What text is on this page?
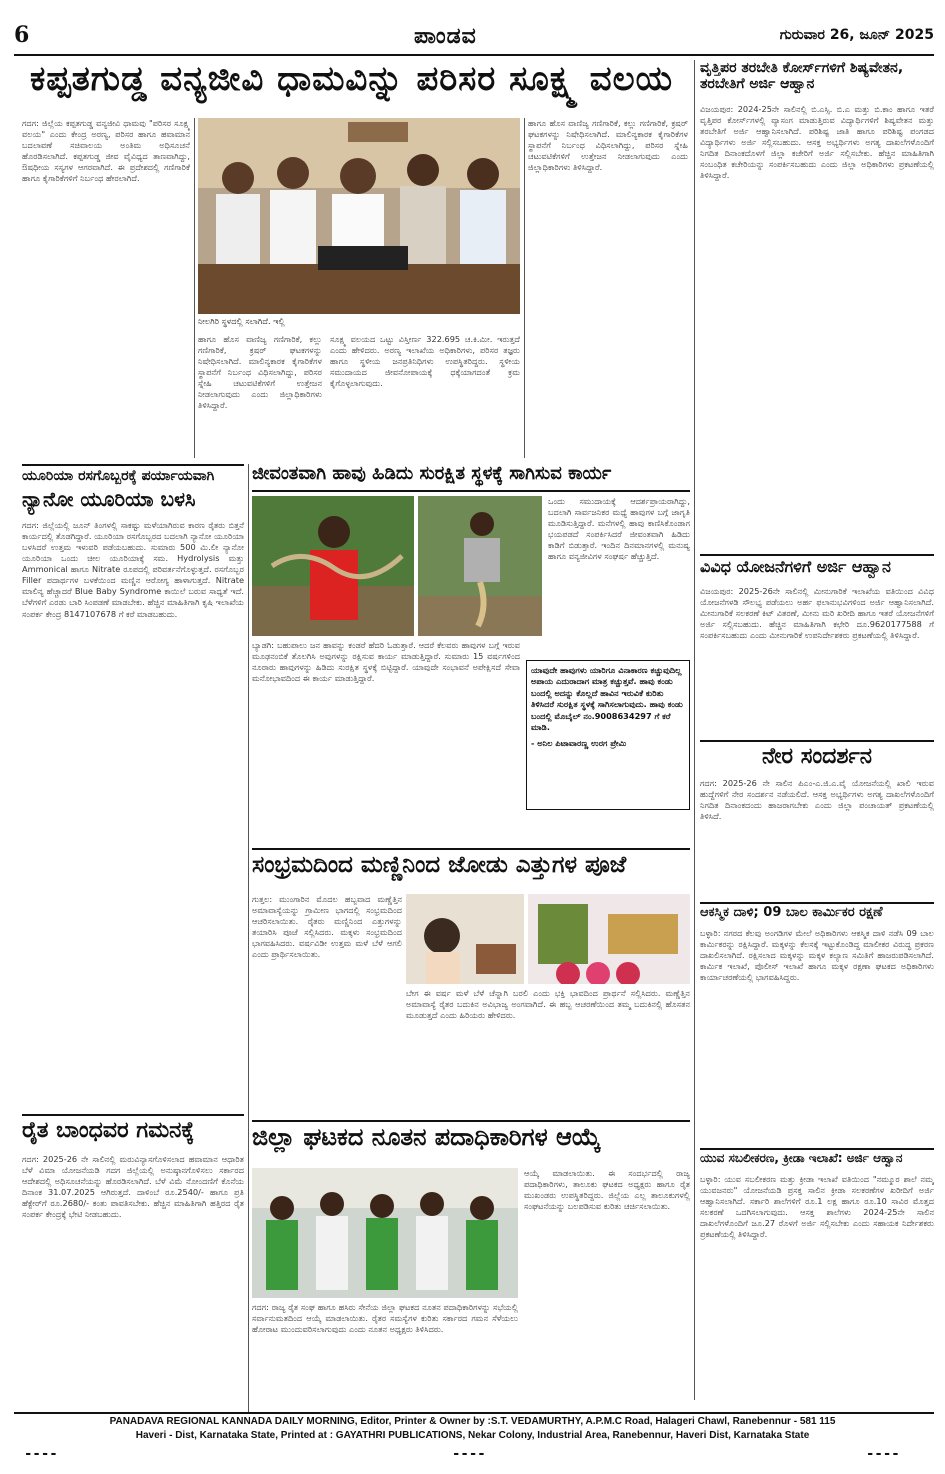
6	ಪಾಂಡವ	ಗುರುವಾರ 26, ಜೂನ್ 2025
ಕಪ್ಪತಗುಡ್ಡ ವನ್ಯಜೀವಿ ಧಾಮವಿನ್ನು ಪರಿಸರ ಸೂಕ್ಷ್ಮ ವಲಯ
ಗದಗ: ಜಿಲ್ಲೆಯ ಕಪ್ಪತಗುಡ್ಡ ವನ್ಯಜೀವಿ ಧಾಮವು "ಪರಿಸರ ಸೂಕ್ಷ್ಮ ವಲಯ" ಎಂದು ಕೇಂದ್ರ ಅರಣ್ಯ, ಪರಿಸರ ಹಾಗೂ ಹವಾಮಾನ ಬದಲಾವಣೆ ಸಚಿವಾಲಯ ಅಂತಿಮ ಅಧಿಸೂಚನೆ ಹೊರಡಿಸಲಾಗಿದೆ. ಕಪ್ಪತಗುಡ್ಡ ಜೀವ ವೈವಿಧ್ಯದ ತಾಣವಾಗಿದ್ದು, ಔಷಧೀಯ ಸಸ್ಯಗಳ ಆಗರವಾಗಿದೆ. ಈ ಪ್ರದೇಶದಲ್ಲಿ ಗಣಿಗಾರಿಕೆ ಹಾಗೂ ಕೈಗಾರಿಕೆಗಳಿಗೆ ನಿರ್ಬಂಧ ಹೇರಲಾಗಿದೆ.
ನೀಲಗಿರಿ ಸ್ಥಳದಲ್ಲಿ ಸಲಾಗಿದೆ. ಇಲ್ಲಿ
ಹಾಗೂ ಹೊಸ ವಾಣಿಜ್ಯ ಗಣಿಗಾರಿಕೆ, ಕಲ್ಲು ಗಣಿಗಾರಿಕೆ, ಕ್ರಷರ್ ಘಟಕಗಳನ್ನು ನಿಷೇಧಿಸಲಾಗಿದೆ. ಮಾಲಿನ್ಯಕಾರಕ ಕೈಗಾರಿಕೆಗಳ ಸ್ಥಾಪನೆಗೆ ನಿರ್ಬಂಧ ವಿಧಿಸಲಾಗಿದ್ದು, ಪರಿಸರ ಸ್ನೇಹಿ ಚಟುವಟಿಕೆಗಳಿಗೆ ಉತ್ತೇಜನ ನೀಡಲಾಗುವುದು ಎಂದು ಜಿಲ್ಲಾಧಿಕಾರಿಗಳು ತಿಳಿಸಿದ್ದಾರೆ.
ಸೂಕ್ಷ್ಮ ವಲಯದ ಒಟ್ಟು ವಿಸ್ತೀರ್ಣ 322.695 ಚ.ಕಿ.ಮೀ. ಇರುತ್ತದೆ ಎಂದು ಹೇಳಿದರು. ಅರಣ್ಯ ಇಲಾಖೆಯ ಅಧಿಕಾರಿಗಳು, ಪರಿಸರ ತಜ್ಞರು ಹಾಗೂ ಸ್ಥಳೀಯ ಜನಪ್ರತಿನಿಧಿಗಳು ಉಪಸ್ಥಿತರಿದ್ದರು. ಸ್ಥಳೀಯ ಸಮುದಾಯದ ಜೀವನೋಪಾಯಕ್ಕೆ ಧಕ್ಕೆಯಾಗದಂತೆ ಕ್ರಮ ಕೈಗೊಳ್ಳಲಾಗುವುದು.
ಹಾಗೂ ಹೊಸ ವಾಣಿಜ್ಯ ಗಣಿಗಾರಿಕೆ, ಕಲ್ಲು ಗಣಿಗಾರಿಕೆ, ಕ್ರಷರ್ ಘಟಕಗಳನ್ನು ನಿಷೇಧಿಸಲಾಗಿದೆ. ಮಾಲಿನ್ಯಕಾರಕ ಕೈಗಾರಿಕೆಗಳ ಸ್ಥಾಪನೆಗೆ ನಿರ್ಬಂಧ ವಿಧಿಸಲಾಗಿದ್ದು, ಪರಿಸರ ಸ್ನೇಹಿ ಚಟುವಟಿಕೆಗಳಿಗೆ ಉತ್ತೇಜನ ನೀಡಲಾಗುವುದು ಎಂದು ಜಿಲ್ಲಾಧಿಕಾರಿಗಳು ತಿಳಿಸಿದ್ದಾರೆ.
ವೃತ್ತಿಪರ ತರಬೇತಿ ಕೋರ್ಸ್‌ಗಳಿಗೆ ಶಿಷ್ಯವೇತನ, ತರಬೇತಿಗೆ ಅರ್ಜಿ ಆಹ್ವಾನ
ವಿಜಯಪುರ: 2024-25ನೇ ಸಾಲಿನಲ್ಲಿ ಬಿ.ಎಸ್ಸಿ. ಬಿ.ಎ ಮತ್ತು ಬಿ.ಕಾಂ ಹಾಗೂ ಇತರೆ ವೃತ್ತಿಪರ ಕೋರ್ಸ್‌ಗಳಲ್ಲಿ ವ್ಯಾಸಂಗ ಮಾಡುತ್ತಿರುವ ವಿದ್ಯಾರ್ಥಿಗಳಿಗೆ ಶಿಷ್ಯವೇತನ ಮತ್ತು ತರಬೇತಿಗೆ ಅರ್ಜಿ ಆಹ್ವಾನಿಸಲಾಗಿದೆ. ಪರಿಶಿಷ್ಟ ಜಾತಿ ಹಾಗೂ ಪರಿಶಿಷ್ಟ ಪಂಗಡದ ವಿದ್ಯಾರ್ಥಿಗಳು ಅರ್ಜಿ ಸಲ್ಲಿಸಬಹುದು. ಆಸಕ್ತ ಅಭ್ಯರ್ಥಿಗಳು ಅಗತ್ಯ ದಾಖಲೆಗಳೊಂದಿಗೆ ನಿಗದಿತ ದಿನಾಂಕದೊಳಗೆ ಜಿಲ್ಲಾ ಕಚೇರಿಗೆ ಅರ್ಜಿ ಸಲ್ಲಿಸಬೇಕು. ಹೆಚ್ಚಿನ ಮಾಹಿತಿಗಾಗಿ ಸಂಬಂಧಿತ ಕಚೇರಿಯನ್ನು ಸಂಪರ್ಕಿಸಬಹುದು ಎಂದು ಜಿಲ್ಲಾ ಅಧಿಕಾರಿಗಳು ಪ್ರಕಟಣೆಯಲ್ಲಿ ತಿಳಿಸಿದ್ದಾರೆ.
ಯೂರಿಯಾ ರಸಗೊಬ್ಬರಕ್ಕೆ ಪರ್ಯಾಯವಾಗಿ
ನ್ಯಾನೋ ಯೂರಿಯಾ ಬಳಸಿ
ಗದಗ: ಜಿಲ್ಲೆಯಲ್ಲಿ ಜೂನ್ ತಿಂಗಳಲ್ಲಿ ಸಾಕಷ್ಟು ಮಳೆಯಾಗಿರುವ ಕಾರಣ ರೈತರು ಬಿತ್ತನೆ ಕಾರ್ಯದಲ್ಲಿ ತೊಡಗಿದ್ದಾರೆ. ಯೂರಿಯಾ ರಸಗೊಬ್ಬರದ ಬದಲಾಗಿ ನ್ಯಾನೋ ಯೂರಿಯಾ ಬಳಸಿದರೆ ಉತ್ತಮ ಇಳುವರಿ ಪಡೆಯಬಹುದು. ಸುಮಾರು 500 ಮಿ.ಲೀ ನ್ಯಾನೋ ಯೂರಿಯಾ ಒಂದು ಚೀಲ ಯೂರಿಯಾಕ್ಕೆ ಸಮ. Hydrolysis ಮತ್ತು Ammonical ಹಾಗೂ Nitrate ರೂಪದಲ್ಲಿ ಪರಿವರ್ತನೆಗೊಳ್ಳುತ್ತದೆ. ರಸಗೊಬ್ಬರ Filler ಪದಾರ್ಥಗಳ ಬಳಕೆಯಿಂದ ಮಣ್ಣಿನ ಆರೋಗ್ಯ ಹಾಳಾಗುತ್ತದೆ. Nitrate ಮಾಲಿನ್ಯ ಹೆಚ್ಚಾದರೆ Blue Baby Syndrome ಕಾಯಿಲೆ ಬರುವ ಸಾಧ್ಯತೆ ಇದೆ. ಬೆಳೆಗಳಿಗೆ ಎರಡು ಬಾರಿ ಸಿಂಪಡಣೆ ಮಾಡಬೇಕು. ಹೆಚ್ಚಿನ ಮಾಹಿತಿಗಾಗಿ ಕೃಷಿ ಇಲಾಖೆಯ ಸಂಪರ್ಕ ಕೇಂದ್ರ 8147107678 ಗೆ ಕರೆ ಮಾಡಬಹುದು.
ಜೀವಂತವಾಗಿ ಹಾವು ಹಿಡಿದು ಸುರಕ್ಷಿತ ಸ್ಥಳಕ್ಕೆ ಸಾಗಿಸುವ ಕಾರ್ಯ
ಒಂದು ಸಮುದಾಯಕ್ಕೆ ಆದರ್ಶಪ್ರಾಯರಾಗಿದ್ದು, ಬದಲಾಗಿ ಸಾರ್ವಜನಿಕರ ಮಧ್ಯೆ ಹಾವುಗಳ ಬಗ್ಗೆ ಜಾಗೃತಿ ಮೂಡಿಸುತ್ತಿದ್ದಾರೆ. ಮನೆಗಳಲ್ಲಿ ಹಾವು ಕಾಣಿಸಿಕೊಂಡಾಗ ಭಯಪಡದೆ ಸಂಪರ್ಕಿಸಿದರೆ ಜೀವಂತವಾಗಿ ಹಿಡಿದು ಕಾಡಿಗೆ ಬಿಡುತ್ತಾರೆ. ಇಂದಿನ ದಿನಮಾನಗಳಲ್ಲಿ ಮನುಷ್ಯ ಹಾಗೂ ವನ್ಯಜೀವಿಗಳ ಸಂಘರ್ಷ ಹೆಚ್ಚುತ್ತಿದೆ.
ಬ್ಯಾಡಗಿ: ಬಹುಪಾಲು ಜನ ಹಾವನ್ನು ಕಂಡರೆ ಹೆದರಿ ಓಡುತ್ತಾರೆ. ಆದರೆ ಕೆಲವರು ಹಾವುಗಳ ಬಗ್ಗೆ ಇರುವ ಮೂಢನಂಬಿಕೆ ತೊಲಗಿಸಿ ಅವುಗಳನ್ನು ರಕ್ಷಿಸುವ ಕಾರ್ಯ ಮಾಡುತ್ತಿದ್ದಾರೆ. ಸುಮಾರು 15 ವರ್ಷಗಳಿಂದ ನೂರಾರು ಹಾವುಗಳನ್ನು ಹಿಡಿದು ಸುರಕ್ಷಿತ ಸ್ಥಳಕ್ಕೆ ಬಿಟ್ಟಿದ್ದಾರೆ. ಯಾವುದೇ ಸಂಭಾವನೆ ಅಪೇಕ್ಷಿಸದೆ ಸೇವಾ ಮನೋಭಾವದಿಂದ ಈ ಕಾರ್ಯ ಮಾಡುತ್ತಿದ್ದಾರೆ.
ಯಾವುದೇ ಹಾವುಗಳು ಯಾರಿಗೂ ವಿನಾಕಾರಣ ಕಚ್ಚುವುದಿಲ್ಲ ಅಪಾಯ ಎದುರಾದಾಗ ಮಾತ್ರ ಕಚ್ಚುತ್ತವೆ. ಹಾವು ಕಂಡು ಬಂದಲ್ಲಿ ಅದನ್ನು ಕೊಲ್ಲದೆ ಹಾವಿನ ಇರುವಿಕೆ ಕುರಿತು ತಿಳಿಸಿದರೆ ಸುರಕ್ಷಿತ ಸ್ಥಳಕ್ಕೆ ಸಾಗಿಸಲಾಗುವುದು. ಹಾವು ಕಂಡು ಬಂದಲ್ಲಿ ಮೊಬೈಲ್ ನಂ.9008634297 ಗೆ ಕರೆ ಮಾಡಿ.
- ಅನಿಲ ಪಿಟಾವಾರಣ್ಣ ಉರಗ ಪ್ರೇಮಿ
ವಿವಿಧ ಯೋಜನೆಗಳಿಗೆ ಅರ್ಜಿ ಆಹ್ವಾನ
ವಿಜಯಪುರ: 2025-26ನೇ ಸಾಲಿನಲ್ಲಿ ಮೀನುಗಾರಿಕೆ ಇಲಾಖೆಯ ವತಿಯಿಂದ ವಿವಿಧ ಯೋಜನೆಗಳಡಿ ಸೌಲಭ್ಯ ಪಡೆಯಲು ಅರ್ಹ ಫಲಾನುಭವಿಗಳಿಂದ ಅರ್ಜಿ ಆಹ್ವಾನಿಸಲಾಗಿದೆ. ಮೀನುಗಾರಿಕೆ ಸಲಕರಣೆ ಕಿಟ್ ವಿತರಣೆ, ಮೀನು ಮರಿ ಖರೀದಿ ಹಾಗೂ ಇತರೆ ಯೋಜನೆಗಳಿಗೆ ಅರ್ಜಿ ಸಲ್ಲಿಸಬಹುದು. ಹೆಚ್ಚಿನ ಮಾಹಿತಿಗಾಗಿ ಕಛೇರಿ ದೂ.9620177588 ಗೆ ಸಂಪರ್ಕಿಸಬಹುದು ಎಂದು ಮೀನುಗಾರಿಕೆ ಉಪನಿರ್ದೇಶಕರು ಪ್ರಕಟಣೆಯಲ್ಲಿ ತಿಳಿಸಿದ್ದಾರೆ.
ನೇರ ಸಂದರ್ಶನ
ಗದಗ: 2025-26 ನೇ ಸಾಲಿನ ಪಿಎಂ-ಎ.ಜಿ.ಎ.ವೈ ಯೋಜನೆಯಲ್ಲಿ ಖಾಲಿ ಇರುವ ಹುದ್ದೆಗಳಿಗೆ ನೇರ ಸಂದರ್ಶನ ನಡೆಯಲಿದೆ. ಆಸಕ್ತ ಅಭ್ಯರ್ಥಿಗಳು ಅಗತ್ಯ ದಾಖಲೆಗಳೊಂದಿಗೆ ನಿಗದಿತ ದಿನಾಂಕದಂದು ಹಾಜರಾಗಬೇಕು ಎಂದು ಜಿಲ್ಲಾ ಪಂಚಾಯತ್ ಪ್ರಕಟಣೆಯಲ್ಲಿ ತಿಳಿಸಿದೆ.
ಆಕಸ್ಮಿಕ ದಾಳಿ; 09 ಬಾಲ ಕಾರ್ಮಿಕರ ರಕ್ಷಣೆ
ಬಳ್ಳಾರಿ: ನಗರದ ಕೆಲವು ಅಂಗಡಿಗಳ ಮೇಲೆ ಅಧಿಕಾರಿಗಳು ಆಕಸ್ಮಿಕ ದಾಳಿ ನಡೆಸಿ 09 ಬಾಲ ಕಾರ್ಮಿಕರನ್ನು ರಕ್ಷಿಸಿದ್ದಾರೆ. ಮಕ್ಕಳನ್ನು ಕೆಲಸಕ್ಕೆ ಇಟ್ಟುಕೊಂಡಿದ್ದ ಮಾಲೀಕರ ವಿರುದ್ಧ ಪ್ರಕರಣ ದಾಖಲಿಸಲಾಗಿದೆ. ರಕ್ಷಿಸಲಾದ ಮಕ್ಕಳನ್ನು ಮಕ್ಕಳ ಕಲ್ಯಾಣ ಸಮಿತಿಗೆ ಹಾಜರುಪಡಿಸಲಾಗಿದೆ. ಕಾರ್ಮಿಕ ಇಲಾಖೆ, ಪೊಲೀಸ್ ಇಲಾಖೆ ಹಾಗೂ ಮಕ್ಕಳ ರಕ್ಷಣಾ ಘಟಕದ ಅಧಿಕಾರಿಗಳು ಕಾರ್ಯಾಚರಣೆಯಲ್ಲಿ ಭಾಗವಹಿಸಿದ್ದರು.
ಸಂಭ್ರಮದಿಂದ ಮಣ್ಣಿನಿಂದ ಜೋಡು ಎತ್ತುಗಳ ಪೂಜೆ
ಗುತ್ತಲ: ಮುಂಗಾರಿನ ಮೊದಲ ಹಬ್ಬವಾದ ಮಣ್ಣೆತ್ತಿನ ಅಮಾವಾಸ್ಯೆಯನ್ನು ಗ್ರಾಮೀಣ ಭಾಗದಲ್ಲಿ ಸಂಭ್ರಮದಿಂದ ಆಚರಿಸಲಾಯಿತು. ರೈತರು ಮಣ್ಣಿನಿಂದ ಎತ್ತುಗಳನ್ನು ತಯಾರಿಸಿ ಪೂಜೆ ಸಲ್ಲಿಸಿದರು. ಮಕ್ಕಳು ಸಂಭ್ರಮದಿಂದ ಭಾಗವಹಿಸಿದರು. ವರ್ಷವಿಡೀ ಉತ್ತಮ ಮಳೆ ಬೆಳೆ ಆಗಲಿ ಎಂದು ಪ್ರಾರ್ಥಿಸಲಾಯಿತು.
ಬೇಗ ಈ ವರ್ಷ ಮಳೆ ಬೆಳೆ ಚೆನ್ನಾಗಿ ಬರಲಿ ಎಂದು ಭಕ್ತಿ ಭಾವದಿಂದ ಪ್ರಾರ್ಥನೆ ಸಲ್ಲಿಸಿದರು. ಮಣ್ಣೆತ್ತಿನ ಅಮಾವಾಸ್ಯೆ ರೈತರ ಬದುಕಿನ ಅವಿಭಾಜ್ಯ ಅಂಗವಾಗಿದೆ. ಈ ಹಬ್ಬ ಆಚರಣೆಯಿಂದ ತಮ್ಮ ಬದುಕಿನಲ್ಲಿ ಹೊಸತನ ಮೂಡುತ್ತದೆ ಎಂದು ಹಿರಿಯರು ಹೇಳಿದರು.
ರೈತ ಬಾಂಧವರ ಗಮನಕ್ಕೆ
ಗದಗ: 2025-26 ನೇ ಸಾಲಿನಲ್ಲಿ ಮರುವಿನ್ಯಾಸಗೊಳಿಸಲಾದ ಹವಾಮಾನ ಆಧಾರಿತ ಬೆಳೆ ವಿಮಾ ಯೋಜನೆಯಡಿ ಗದಗ ಜಿಲ್ಲೆಯಲ್ಲಿ ಅನುಷ್ಠಾನಗೊಳಿಸಲು ಸರ್ಕಾರದ ಆದೇಶದಲ್ಲಿ ಅಧಿಸೂಚನೆಯನ್ನು ಹೊರಡಿಸಲಾಗಿದೆ. ಬೆಳೆ ವಿಮೆ ನೋಂದಣಿಗೆ ಕೊನೆಯ ದಿನಾಂಕ 31.07.2025 ಆಗಿರುತ್ತದೆ. ದಾಳಿಂಬೆ ರೂ.2540/- ಹಾಗೂ ಪ್ರತಿ ಹೆಕ್ಟೇರ್‌ಗೆ ರೂ.2680/- ಕಂತು ಪಾವತಿಸಬೇಕು. ಹೆಚ್ಚಿನ ಮಾಹಿತಿಗಾಗಿ ಹತ್ತಿರದ ರೈತ ಸಂಪರ್ಕ ಕೇಂದ್ರಕ್ಕೆ ಭೇಟಿ ನೀಡಬಹುದು.
ಜಿಲ್ಲಾ ಘಟಕದ ನೂತನ ಪದಾಧಿಕಾರಿಗಳ ಆಯ್ಕೆ
ಗದಗ: ರಾಜ್ಯ ರೈತ ಸಂಘ ಹಾಗೂ ಹಸಿರು ಸೇನೆಯ ಜಿಲ್ಲಾ ಘಟಕದ ನೂತನ ಪದಾಧಿಕಾರಿಗಳನ್ನು ಸಭೆಯಲ್ಲಿ ಸರ್ವಾನುಮತದಿಂದ ಆಯ್ಕೆ ಮಾಡಲಾಯಿತು. ರೈತರ ಸಮಸ್ಯೆಗಳ ಕುರಿತು ಸರ್ಕಾರದ ಗಮನ ಸೆಳೆಯಲು ಹೋರಾಟ ಮುಂದುವರಿಸಲಾಗುವುದು ಎಂದು ನೂತನ ಅಧ್ಯಕ್ಷರು ತಿಳಿಸಿದರು.
ಆಯ್ಕೆ ಮಾಡಲಾಯಿತು. ಈ ಸಂದರ್ಭದಲ್ಲಿ ರಾಜ್ಯ ಪದಾಧಿಕಾರಿಗಳು, ತಾಲೂಕು ಘಟಕದ ಅಧ್ಯಕ್ಷರು ಹಾಗೂ ರೈತ ಮುಖಂಡರು ಉಪಸ್ಥಿತರಿದ್ದರು. ಜಿಲ್ಲೆಯ ಎಲ್ಲ ತಾಲೂಕುಗಳಲ್ಲಿ ಸಂಘಟನೆಯನ್ನು ಬಲಪಡಿಸುವ ಕುರಿತು ಚರ್ಚಿಸಲಾಯಿತು.
ಯುವ ಸಬಲೀಕರಣ, ಕ್ರೀಡಾ ಇಲಾಖೆ: ಅರ್ಜಿ ಆಹ್ವಾನ
ಬಳ್ಳಾರಿ: ಯುವ ಸಬಲೀಕರಣ ಮತ್ತು ಕ್ರೀಡಾ ಇಲಾಖೆ ವತಿಯಿಂದ "ನಮ್ಮೂರ ಶಾಲೆ ನಮ್ಮ ಯುವಜನರು" ಯೋಜನೆಯಡಿ ಪ್ರಸಕ್ತ ಸಾಲಿನ ಕ್ರೀಡಾ ಸಲಕರಣೆಗಳ ಖರೀದಿಗೆ ಅರ್ಜಿ ಆಹ್ವಾನಿಸಲಾಗಿದೆ. ಸರ್ಕಾರಿ ಶಾಲೆಗಳಿಗೆ ರೂ.1 ಲಕ್ಷ ಹಾಗೂ ರೂ.10 ಸಾವಿರ ಮೊತ್ತದ ಸಲಕರಣೆ ಒದಗಿಸಲಾಗುವುದು. ಆಸಕ್ತ ಶಾಲೆಗಳು 2024-25ನೇ ಸಾಲಿನ ದಾಖಲೆಗಳೊಂದಿಗೆ ಜೂ.27 ರೊಳಗೆ ಅರ್ಜಿ ಸಲ್ಲಿಸಬೇಕು ಎಂದು ಸಹಾಯಕ ನಿರ್ದೇಶಕರು ಪ್ರಕಟಣೆಯಲ್ಲಿ ತಿಳಿಸಿದ್ದಾರೆ.
PANADAVA REGIONAL KANNADA DAILY MORNING, Editor, Printer & Owner by :S.T. VEDAMURTHY, A.P.M.C Road, Halageri Chawl, Ranebennur - 581 115
Haveri - Dist, Karnataka State, Printed at : GAYATHRI PUBLICATIONS, Nekar Colony, Industrial Area, Ranebennur, Haveri Dist, Karnataka State
----	----	----
